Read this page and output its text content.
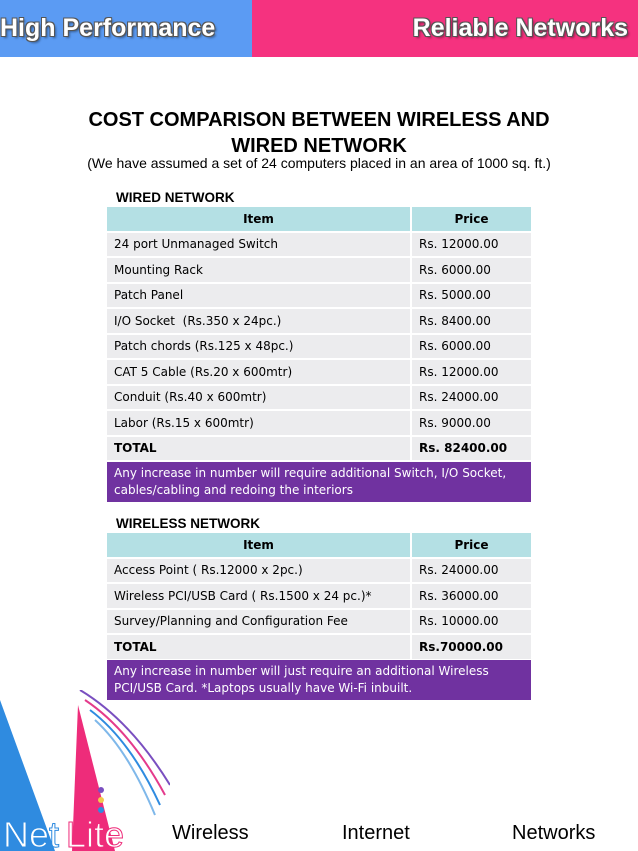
High Performance	Reliable Networks
COST COMPARISON BETWEEN WIRELESS AND WIRED NETWORK
(We have assumed a set of 24 computers placed in an area of 1000 sq. ft.)
WIRED NETWORK
Item	Price
24 port Unmanaged Switch	Rs. 12000.00
Mounting Rack	Rs. 6000.00
Patch Panel	Rs. 5000.00
I/O Socket  (Rs.350 x 24pc.)	Rs. 8400.00
Patch chords (Rs.125 x 48pc.)	Rs. 6000.00
CAT 5 Cable (Rs.20 x 600mtr)	Rs. 12000.00
Conduit (Rs.40 x 600mtr)	Rs. 24000.00
Labor (Rs.15 x 600mtr)	Rs. 9000.00
TOTAL	Rs. 82400.00
Any increase in number will require additional Switch, I/O Socket, cables/cabling and redoing the interiors
WIRELESS NETWORK
Item	Price
Access Point ( Rs.12000 x 2pc.)	Rs. 24000.00
Wireless PCI/USB Card ( Rs.1500 x 24 pc.)*	Rs. 36000.00
Survey/Planning and Configuration Fee	Rs. 10000.00
TOTAL	Rs.70000.00
Any increase in number will just require an additional Wireless PCI/USB Card. *Laptops usually have Wi-Fi inbuilt.
Net Lite Wireless	Internet	Networks
